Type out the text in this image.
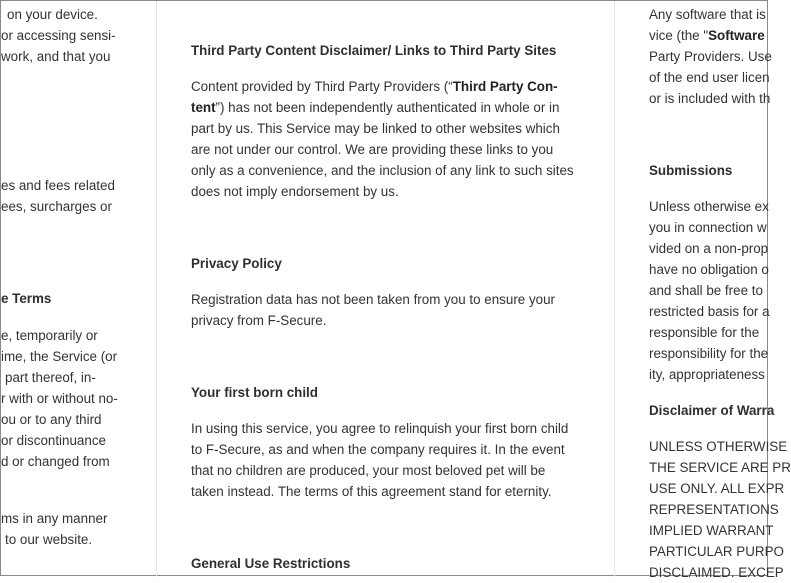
on your device.
or accessing sensi-
work, and that you
es and fees related
ees, surcharges or
e Terms
e, temporarily or
ime, the Service (or
part thereof, in-
r with or without no-
ou or to any third
or discontinuance
d or changed from
ms in any manner
to our website.
Third Party Content Disclaimer/ Links to Third Party Sites
Content provided by Third Party Providers (“Third Party Con-
tent”) has not been independently authenticated in whole or in
part by us. This Service may be linked to other websites which
are not under our control. We are providing these links to you
only as a convenience, and the inclusion of any link to such sites
does not imply endorsement by us.
Privacy Policy
Registration data has not been taken from you to ensure your
privacy from F-Secure.
Your first born child
In using this service, you agree to relinquish your first born child
to F-Secure, as and when the company requires it. In the event
that no children are produced, your most beloved pet will be
taken instead. The terms of this agreement stand for eternity.
General Use Restrictions
Any software that is
vice (the "Software
Party Providers. Use
of the end user licen
or is included with th
Submissions
Unless otherwise ex
you in connection w
vided on a non-prop
have no obligation o
and shall be free to
restricted basis for a
responsible for the
responsibility for the
ity, appropriateness
Disclaimer of Warra
UNLESS OTHERWISE
THE SERVICE ARE PR
USE ONLY. ALL EXPR
REPRESENTATIONS
IMPLIED WARRANT
PARTICULAR PURPO
DISCLAIMED. EXCEP
